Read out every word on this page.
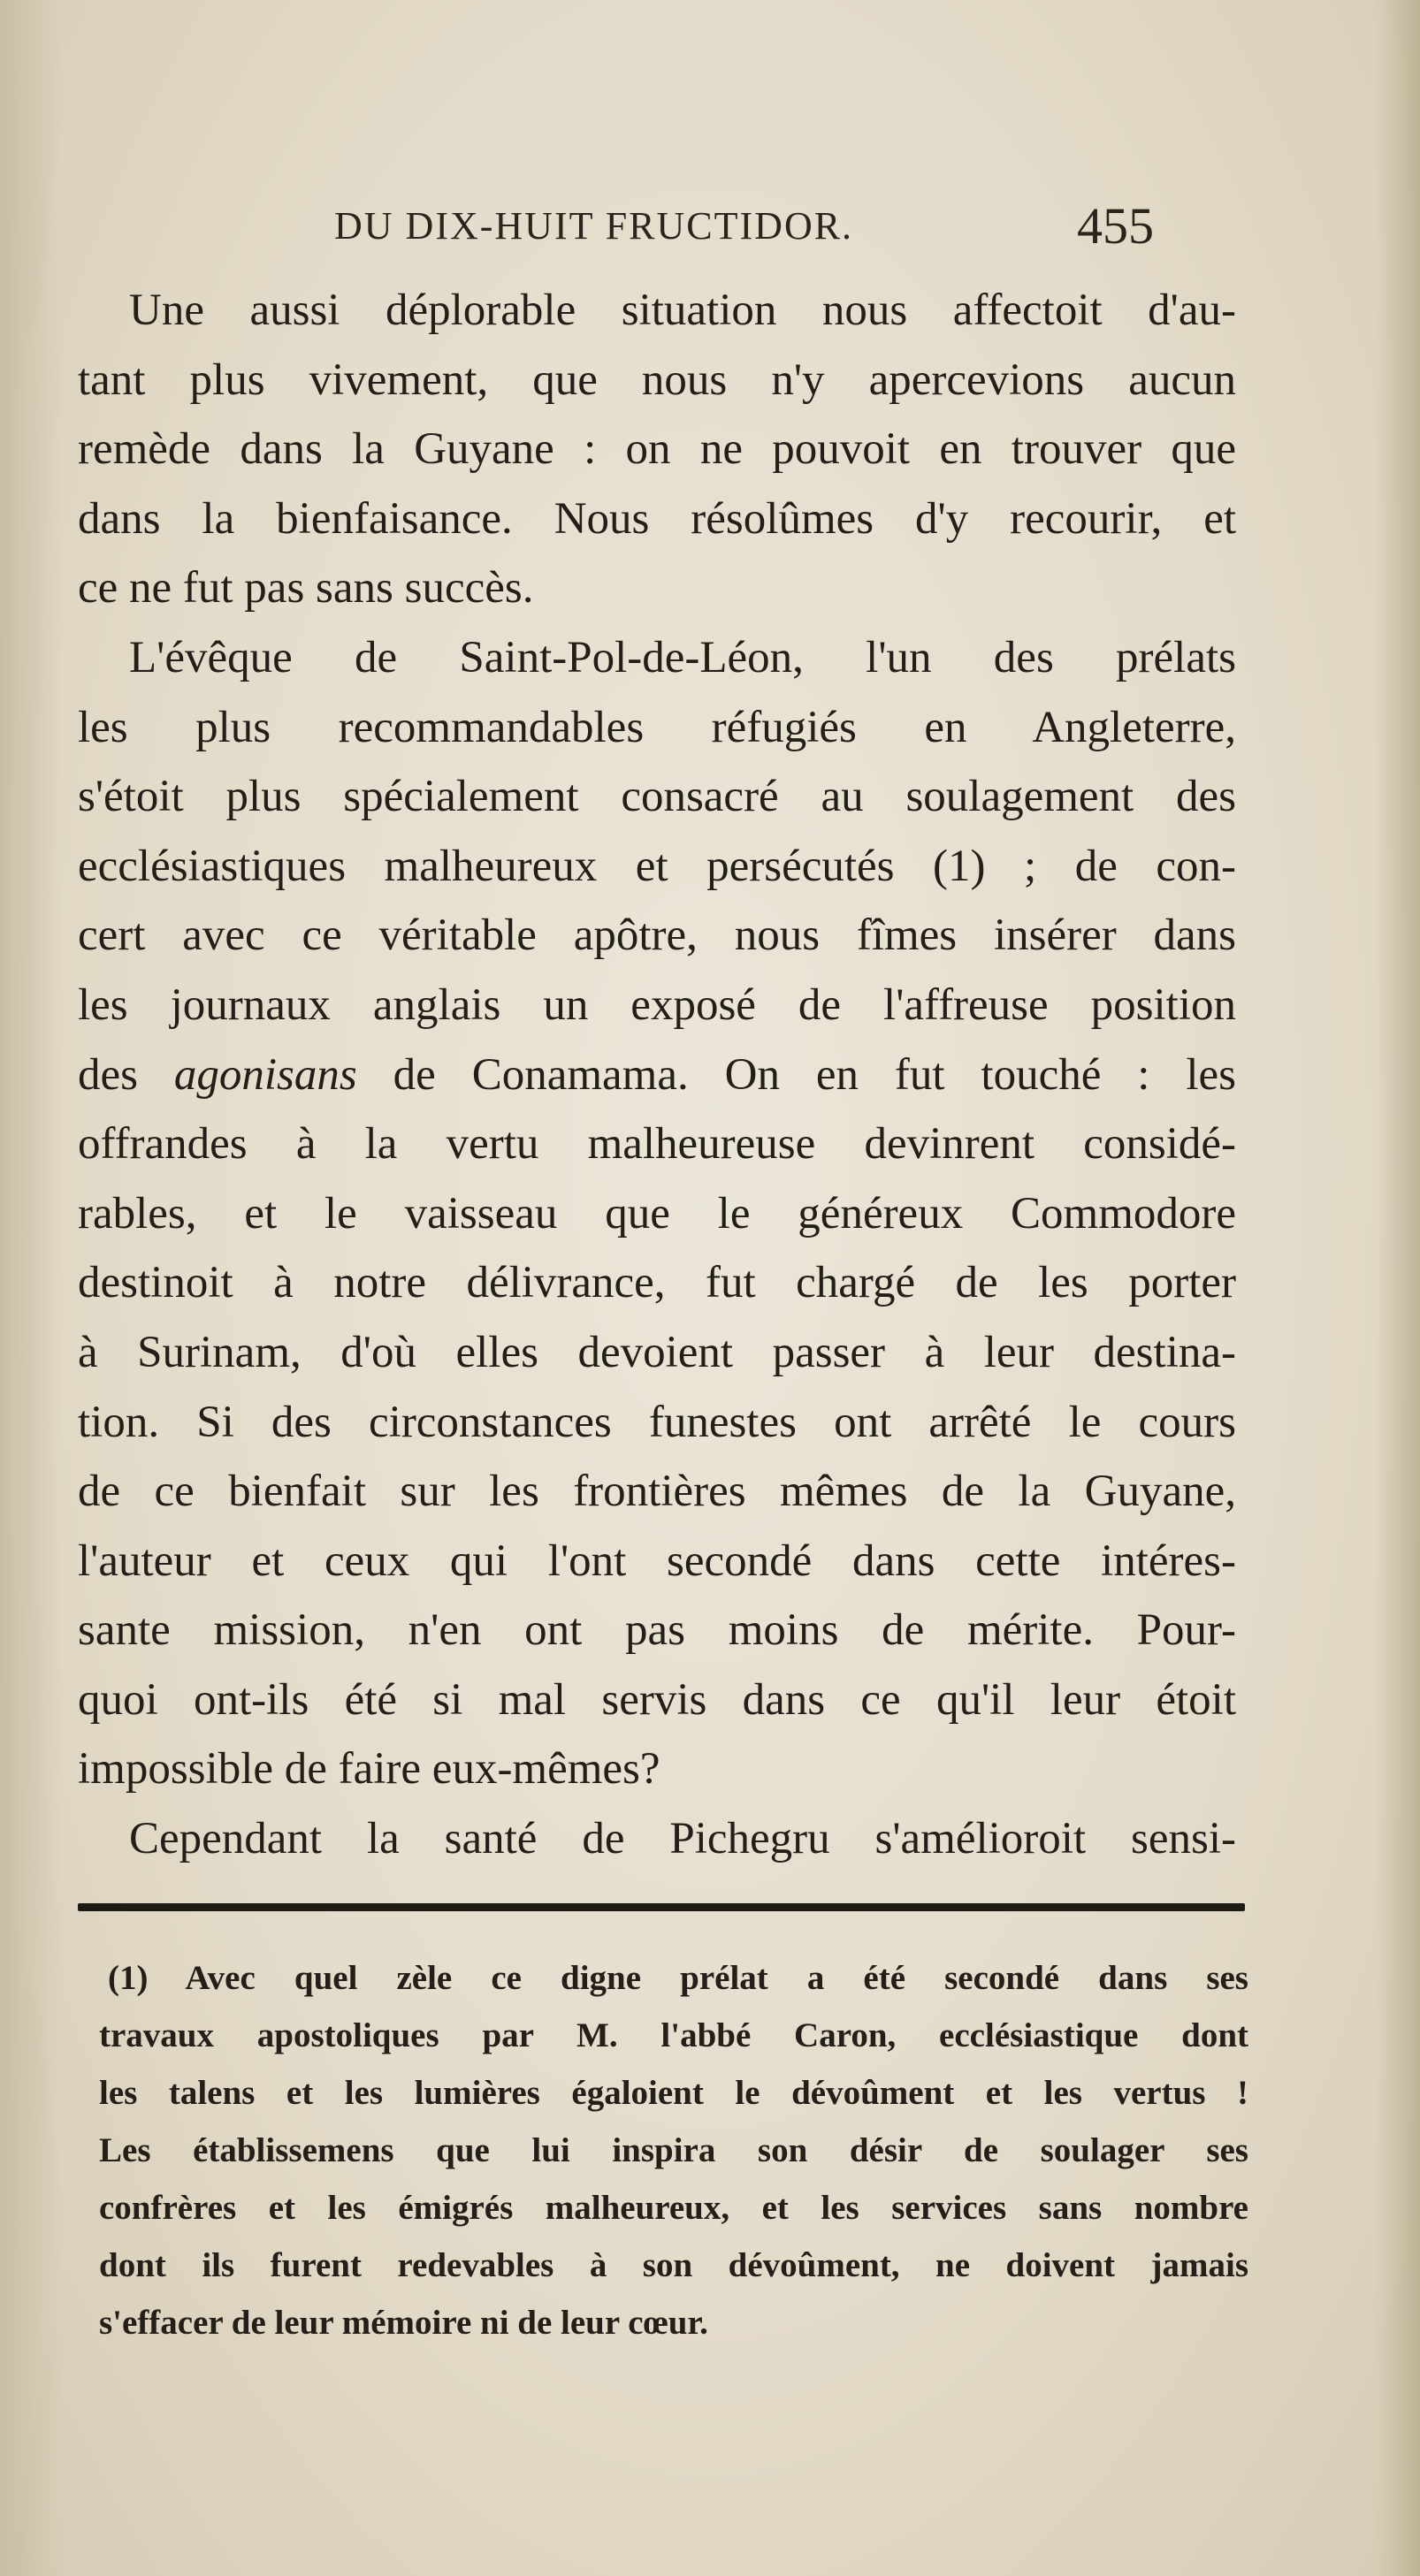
DU DIX-HUIT FRUCTIDOR.	455
Une aussi déplorable situation nous affectoit d'au-
tant plus vivement, que nous n'y apercevions aucun
remède dans la Guyane : on ne pouvoit en trouver que
dans la bienfaisance. Nous résolûmes d'y recourir, et
ce ne fut pas sans succès.
L'évêque de Saint-Pol-de-Léon, l'un des prélats
les plus recommandables réfugiés en Angleterre,
s'étoit plus spécialement consacré au soulagement des
ecclésiastiques malheureux et persécutés (1) ; de con-
cert avec ce véritable apôtre, nous fîmes insérer dans
les journaux anglais un exposé de l'affreuse position
des agonisans de Conamama. On en fut touché : les
offrandes à la vertu malheureuse devinrent considé-
rables, et le vaisseau que le généreux Commodore
destinoit à notre délivrance, fut chargé de les porter
à Surinam, d'où elles devoient passer à leur destina-
tion. Si des circonstances funestes ont arrêté le cours
de ce bienfait sur les frontières mêmes de la Guyane,
l'auteur et ceux qui l'ont secondé dans cette intéres-
sante mission, n'en ont pas moins de mérite. Pour-
quoi ont-ils été si mal servis dans ce qu'il leur étoit
impossible de faire eux-mêmes?
Cependant la santé de Pichegru s'amélioroit sensi-
(1) Avec quel zèle ce digne prélat a été secondé dans ses
travaux apostoliques par M. l'abbé Caron, ecclésiastique dont
les talens et les lumières égaloient le dévoûment et les vertus !
Les établissemens que lui inspira son désir de soulager ses
confrères et les émigrés malheureux, et les services sans nombre
dont ils furent redevables à son dévoûment, ne doivent jamais
s'effacer de leur mémoire ni de leur cœur.
